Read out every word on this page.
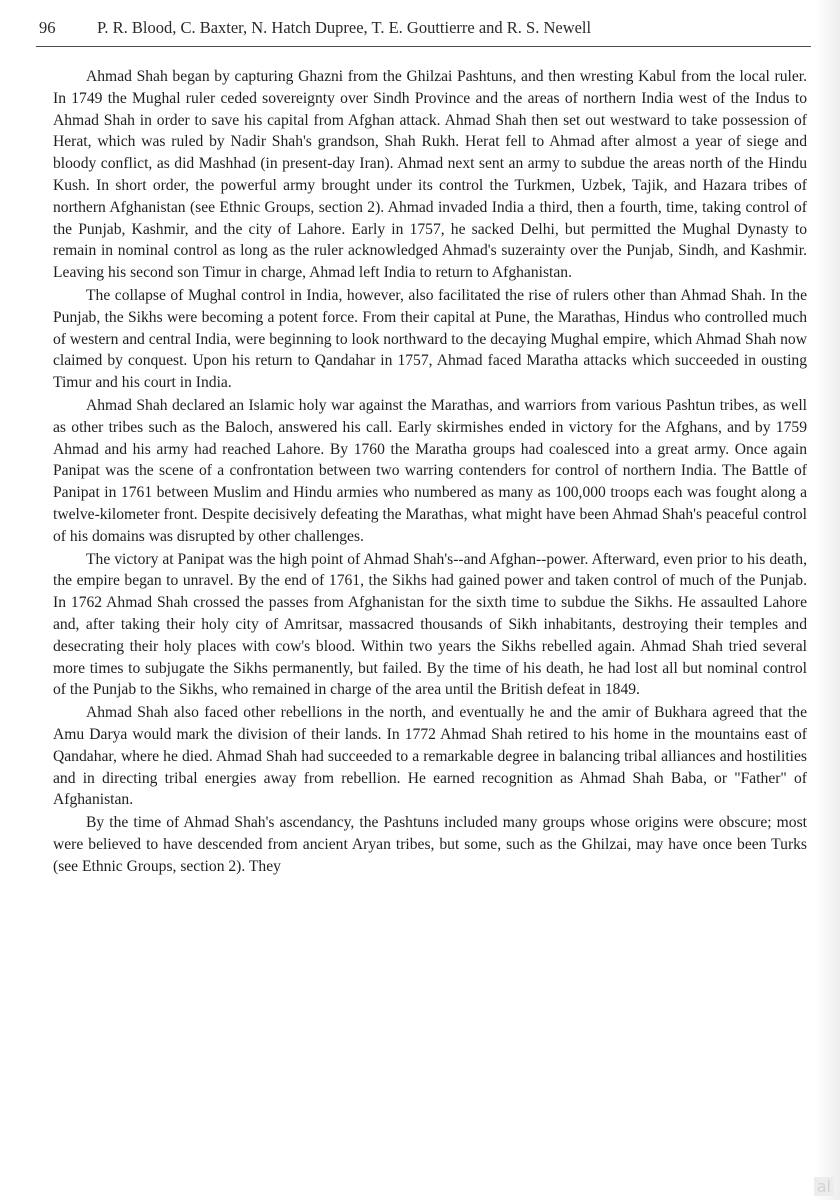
96	P. R. Blood, C. Baxter, N. Hatch Dupree, T. E. Gouttierre and R. S. Newell

Ahmad Shah began by capturing Ghazni from the Ghilzai Pashtuns, and then wresting Kabul from the local ruler. In 1749 the Mughal ruler ceded sovereignty over Sindh Province and the areas of northern India west of the Indus to Ahmad Shah in order to save his capital from Afghan attack. Ahmad Shah then set out westward to take possession of Herat, which was ruled by Nadir Shah's grandson, Shah Rukh. Herat fell to Ahmad after almost a year of siege and bloody conflict, as did Mashhad (in present-day Iran). Ahmad next sent an army to subdue the areas north of the Hindu Kush. In short order, the powerful army brought under its control the Turkmen, Uzbek, Tajik, and Hazara tribes of northern Afghanistan (see Ethnic Groups, section 2). Ahmad invaded India a third, then a fourth, time, taking control of the Punjab, Kashmir, and the city of Lahore. Early in 1757, he sacked Delhi, but permitted the Mughal Dynasty to remain in nominal control as long as the ruler acknowledged Ahmad's suzerainty over the Punjab, Sindh, and Kashmir. Leaving his second son Timur in charge, Ahmad left India to return to Afghanistan.

The collapse of Mughal control in India, however, also facilitated the rise of rulers other than Ahmad Shah. In the Punjab, the Sikhs were becoming a potent force. From their capital at Pune, the Marathas, Hindus who controlled much of western and central India, were beginning to look northward to the decaying Mughal empire, which Ahmad Shah now claimed by conquest. Upon his return to Qandahar in 1757, Ahmad faced Maratha attacks which succeeded in ousting Timur and his court in India.

Ahmad Shah declared an Islamic holy war against the Marathas, and warriors from various Pashtun tribes, as well as other tribes such as the Baloch, answered his call. Early skirmishes ended in victory for the Afghans, and by 1759 Ahmad and his army had reached Lahore. By 1760 the Maratha groups had coalesced into a great army. Once again Panipat was the scene of a confrontation between two warring contenders for control of northern India. The Battle of Panipat in 1761 between Muslim and Hindu armies who numbered as many as 100,000 troops each was fought along a twelve-kilometer front. Despite decisively defeating the Marathas, what might have been Ahmad Shah's peaceful control of his domains was disrupted by other challenges.

The victory at Panipat was the high point of Ahmad Shah's--and Afghan--power. Afterward, even prior to his death, the empire began to unravel. By the end of 1761, the Sikhs had gained power and taken control of much of the Punjab. In 1762 Ahmad Shah crossed the passes from Afghanistan for the sixth time to subdue the Sikhs. He assaulted Lahore and, after taking their holy city of Amritsar, massacred thousands of Sikh inhabitants, destroying their temples and desecrating their holy places with cow's blood. Within two years the Sikhs rebelled again. Ahmad Shah tried several more times to subjugate the Sikhs permanently, but failed. By the time of his death, he had lost all but nominal control of the Punjab to the Sikhs, who remained in charge of the area until the British defeat in 1849.

Ahmad Shah also faced other rebellions in the north, and eventually he and the amir of Bukhara agreed that the Amu Darya would mark the division of their lands. In 1772 Ahmad Shah retired to his home in the mountains east of Qandahar, where he died. Ahmad Shah had succeeded to a remarkable degree in balancing tribal alliances and hostilities and in directing tribal energies away from rebellion. He earned recognition as Ahmad Shah Baba, or "Father" of Afghanistan.

By the time of Ahmad Shah's ascendancy, the Pashtuns included many groups whose origins were obscure; most were believed to have descended from ancient Aryan tribes, but some, such as the Ghilzai, may have once been Turks (see Ethnic Groups, section 2). They

al
